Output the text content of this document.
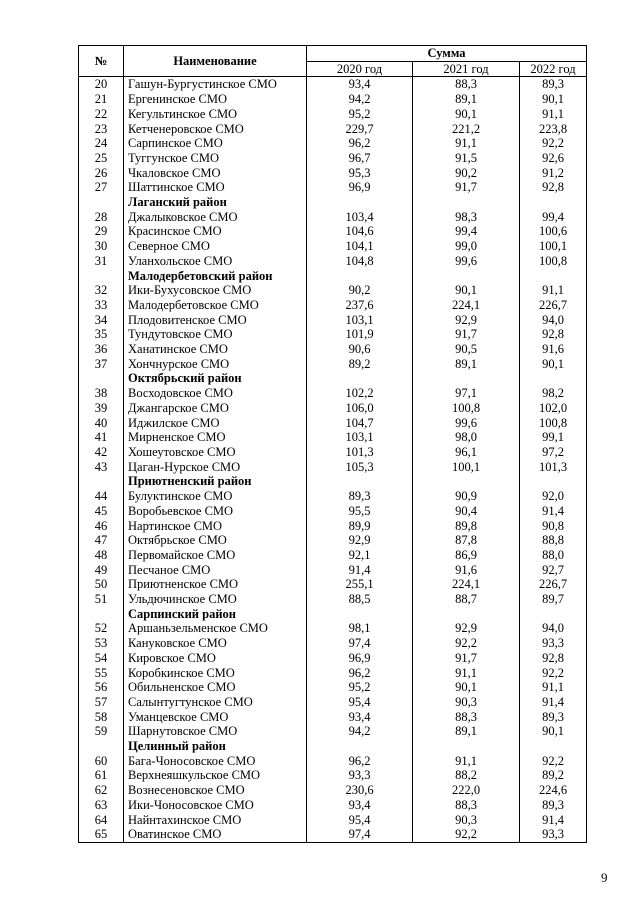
№	Наименование	Сумма		
		2020 год	2021 год	2022 год
20	Гашун-Бургустинское СМО	93,4	88,3	89,3
21	Ергенинское СМО	94,2	89,1	90,1
22	Кегультинское СМО	95,2	90,1	91,1
23	Кетченеровское СМО	229,7	221,2	223,8
24	Сарпинское СМО	96,2	91,1	92,2
25	Туггунское СМО	96,7	91,5	92,6
26	Чкаловское СМО	95,3	90,2	91,2
27	Шаттинское СМО	96,9	91,7	92,8
	Лаганский район			
28	Джалыковское СМО	103,4	98,3	99,4
29	Красинское СМО	104,6	99,4	100,6
30	Северное СМО	104,1	99,0	100,1
31	Уланхольское СМО	104,8	99,6	100,8
	Малодербетовский район			
32	Ики-Бухусовское СМО	90,2	90,1	91,1
33	Малодербетовское СМО	237,6	224,1	226,7
34	Плодовитенское СМО	103,1	92,9	94,0
35	Тундутовское СМО	101,9	91,7	92,8
36	Ханатинское СМО	90,6	90,5	91,6
37	Хончнурское СМО	89,2	89,1	90,1
	Октябрьский район			
38	Восходовское СМО	102,2	97,1	98,2
39	Джангарское СМО	106,0	100,8	102,0
40	Иджилское СМО	104,7	99,6	100,8
41	Мирненское СМО	103,1	98,0	99,1
42	Хошеутовское СМО	101,3	96,1	97,2
43	Цаган-Нурское СМО	105,3	100,1	101,3
	Приютненский район			
44	Булуктинское СМО	89,3	90,9	92,0
45	Воробьевское СМО	95,5	90,4	91,4
46	Нартинское СМО	89,9	89,8	90,8
47	Октябрьское СМО	92,9	87,8	88,8
48	Первомайское СМО	92,1	86,9	88,0
49	Песчаное СМО	91,4	91,6	92,7
50	Приютненское СМО	255,1	224,1	226,7
51	Ульдючинское СМО	88,5	88,7	89,7
	Сарпинский район			
52	Аршаньзельменское СМО	98,1	92,9	94,0
53	Кануковское СМО	97,4	92,2	93,3
54	Кировское СМО	96,9	91,7	92,8
55	Коробкинское СМО	96,2	91,1	92,2
56	Обильненское СМО	95,2	90,1	91,1
57	Салынтугтунское СМО	95,4	90,3	91,4
58	Уманцевское СМО	93,4	88,3	89,3
59	Шарнутовское СМО	94,2	89,1	90,1
	Целинный район			
60	Бага-Чоносовское СМО	96,2	91,1	92,2
61	Верхнеяшкульское СМО	93,3	88,2	89,2
62	Вознесеновское СМО	230,6	222,0	224,6
63	Ики-Чоносовское СМО	93,4	88,3	89,3
64	Найнтахинское СМО	95,4	90,3	91,4
65	Оватинское СМО	97,4	92,2	93,3
9
